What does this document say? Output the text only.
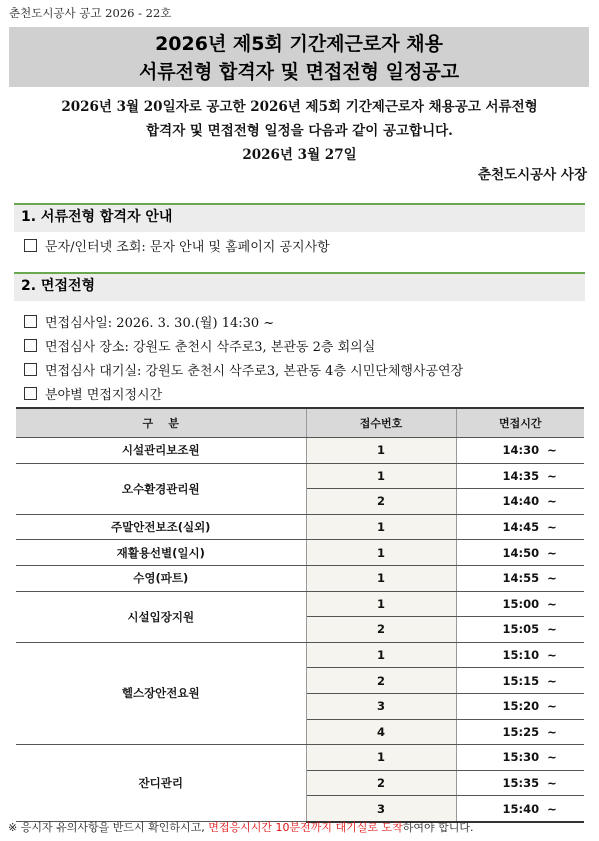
춘천도시공사 공고 2026 - 22호
2026년 제5회 기간제근로자 채용
서류전형 합격자 및 면접전형 일정공고
2026년 3월 20일자로 공고한 2026년 제5회 기간제근로자 채용공고 서류전형
합격자 및 면접전형 일정을 다음과 같이 공고합니다.
2026년 3월 27일
춘천도시공사 사장
1. 서류전형 합격자 안내
문자/인터넷 조회: 문자 안내 및 홈페이지 공지사항
2. 면접전형
면접심사일: 2026. 3. 30.(월) 14:30 ~
면접심사 장소: 강원도 춘천시 삭주로3, 본관동 2층 회의실
면접심사 대기실: 강원도 춘천시 삭주로3, 본관동 4층 시민단체행사공연장
분야별 면접지정시간
구    분	접수번호	면접시간
시설관리보조원	1	14:30  ~
오수환경관리원	1	14:35  ~
	2	14:40  ~
주말안전보조(실외)	1	14:45  ~
재활용선별(일시)	1	14:50  ~
수영(파트)	1	14:55  ~
시설입장지원	1	15:00  ~
	2	15:05  ~
헬스장안전요원	1	15:10  ~
	2	15:15  ~
	3	15:20  ~
	4	15:25  ~
잔디관리	1	15:30  ~
	2	15:35  ~
	3	15:40  ~
※ 응시자 유의사항을 반드시 확인하시고, 면접응시시간 10분전까지 대기실로 도착하여야 합니다.
